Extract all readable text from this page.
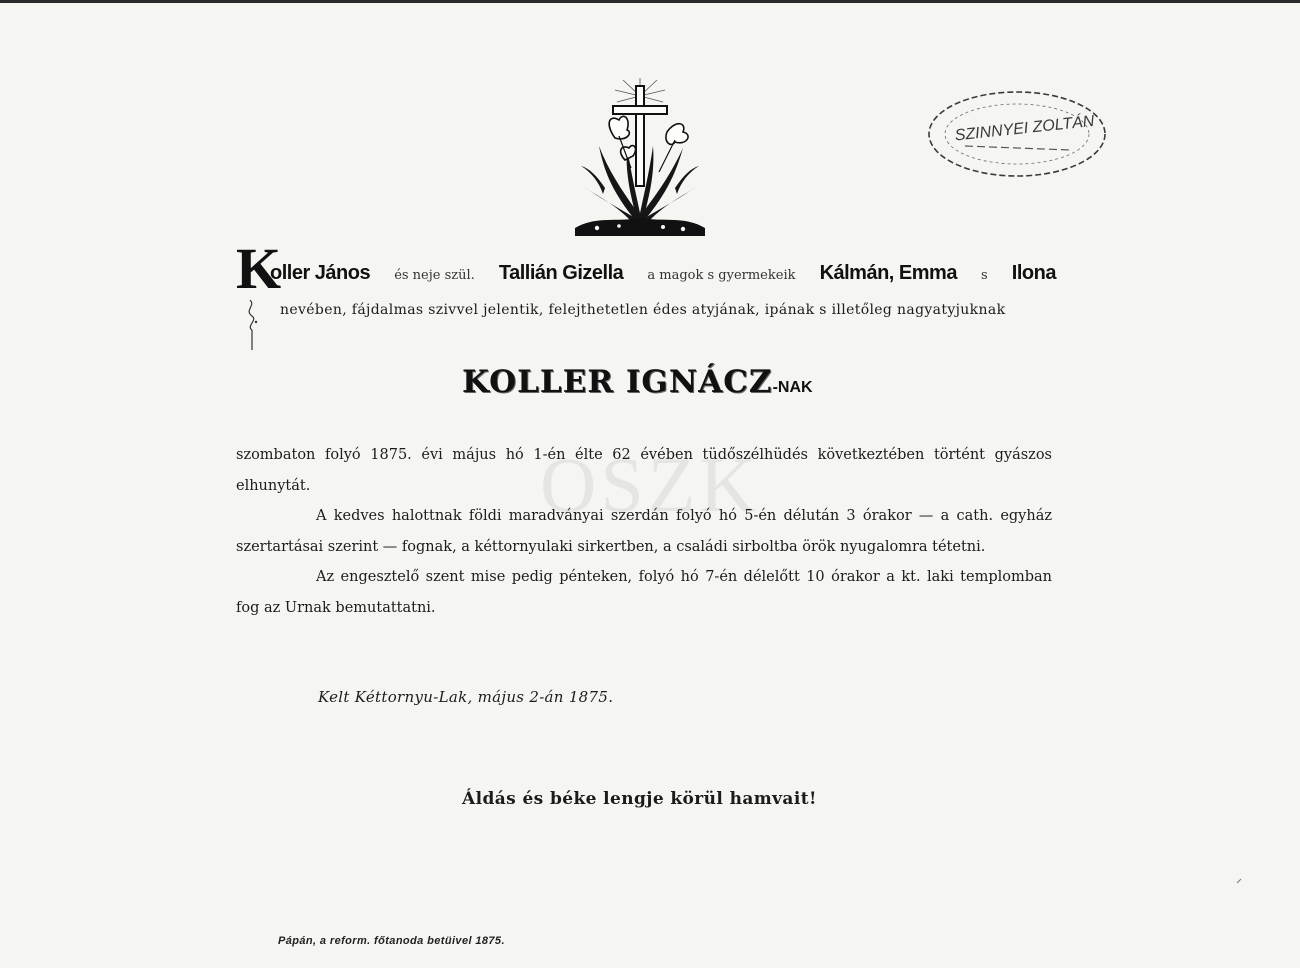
SZINNYEI ZOLTÁN
OSZK
K
oller János és neje szül. Tallián Gizella a magok s gyermekeik Kálmán, Emma s Ilona
nevében, fájdalmas szivvel jelentik, felejthetetlen édes atyjának, ipának s illetőleg nagyatyjuknak
KOLLER IGNÁCZ-NAK

szombaton folyó 1875. évi május hó 1-én élte 62 évében tüdőszélhüdés következtében történt gyászos elhunytát.

A kedves halottnak földi maradványai szerdán folyó hó 5-én délután 3 órakor — a cath. egyház szertartásai szerint — fognak, a kéttornyulaki sirkertben, a családi sirboltba örök nyugalomra tétetni.

Az engesztelő szent mise pedig pénteken, folyó hó 7-én délelőtt 10 órakor a kt. laki templomban fog az Urnak bemutattatni.

Kelt Kéttornyu-Lak, május 2-án 1875.
Áldás és béke lengje körül hamvait!
Pápán, a reform. főtanoda betüivel 1875.
